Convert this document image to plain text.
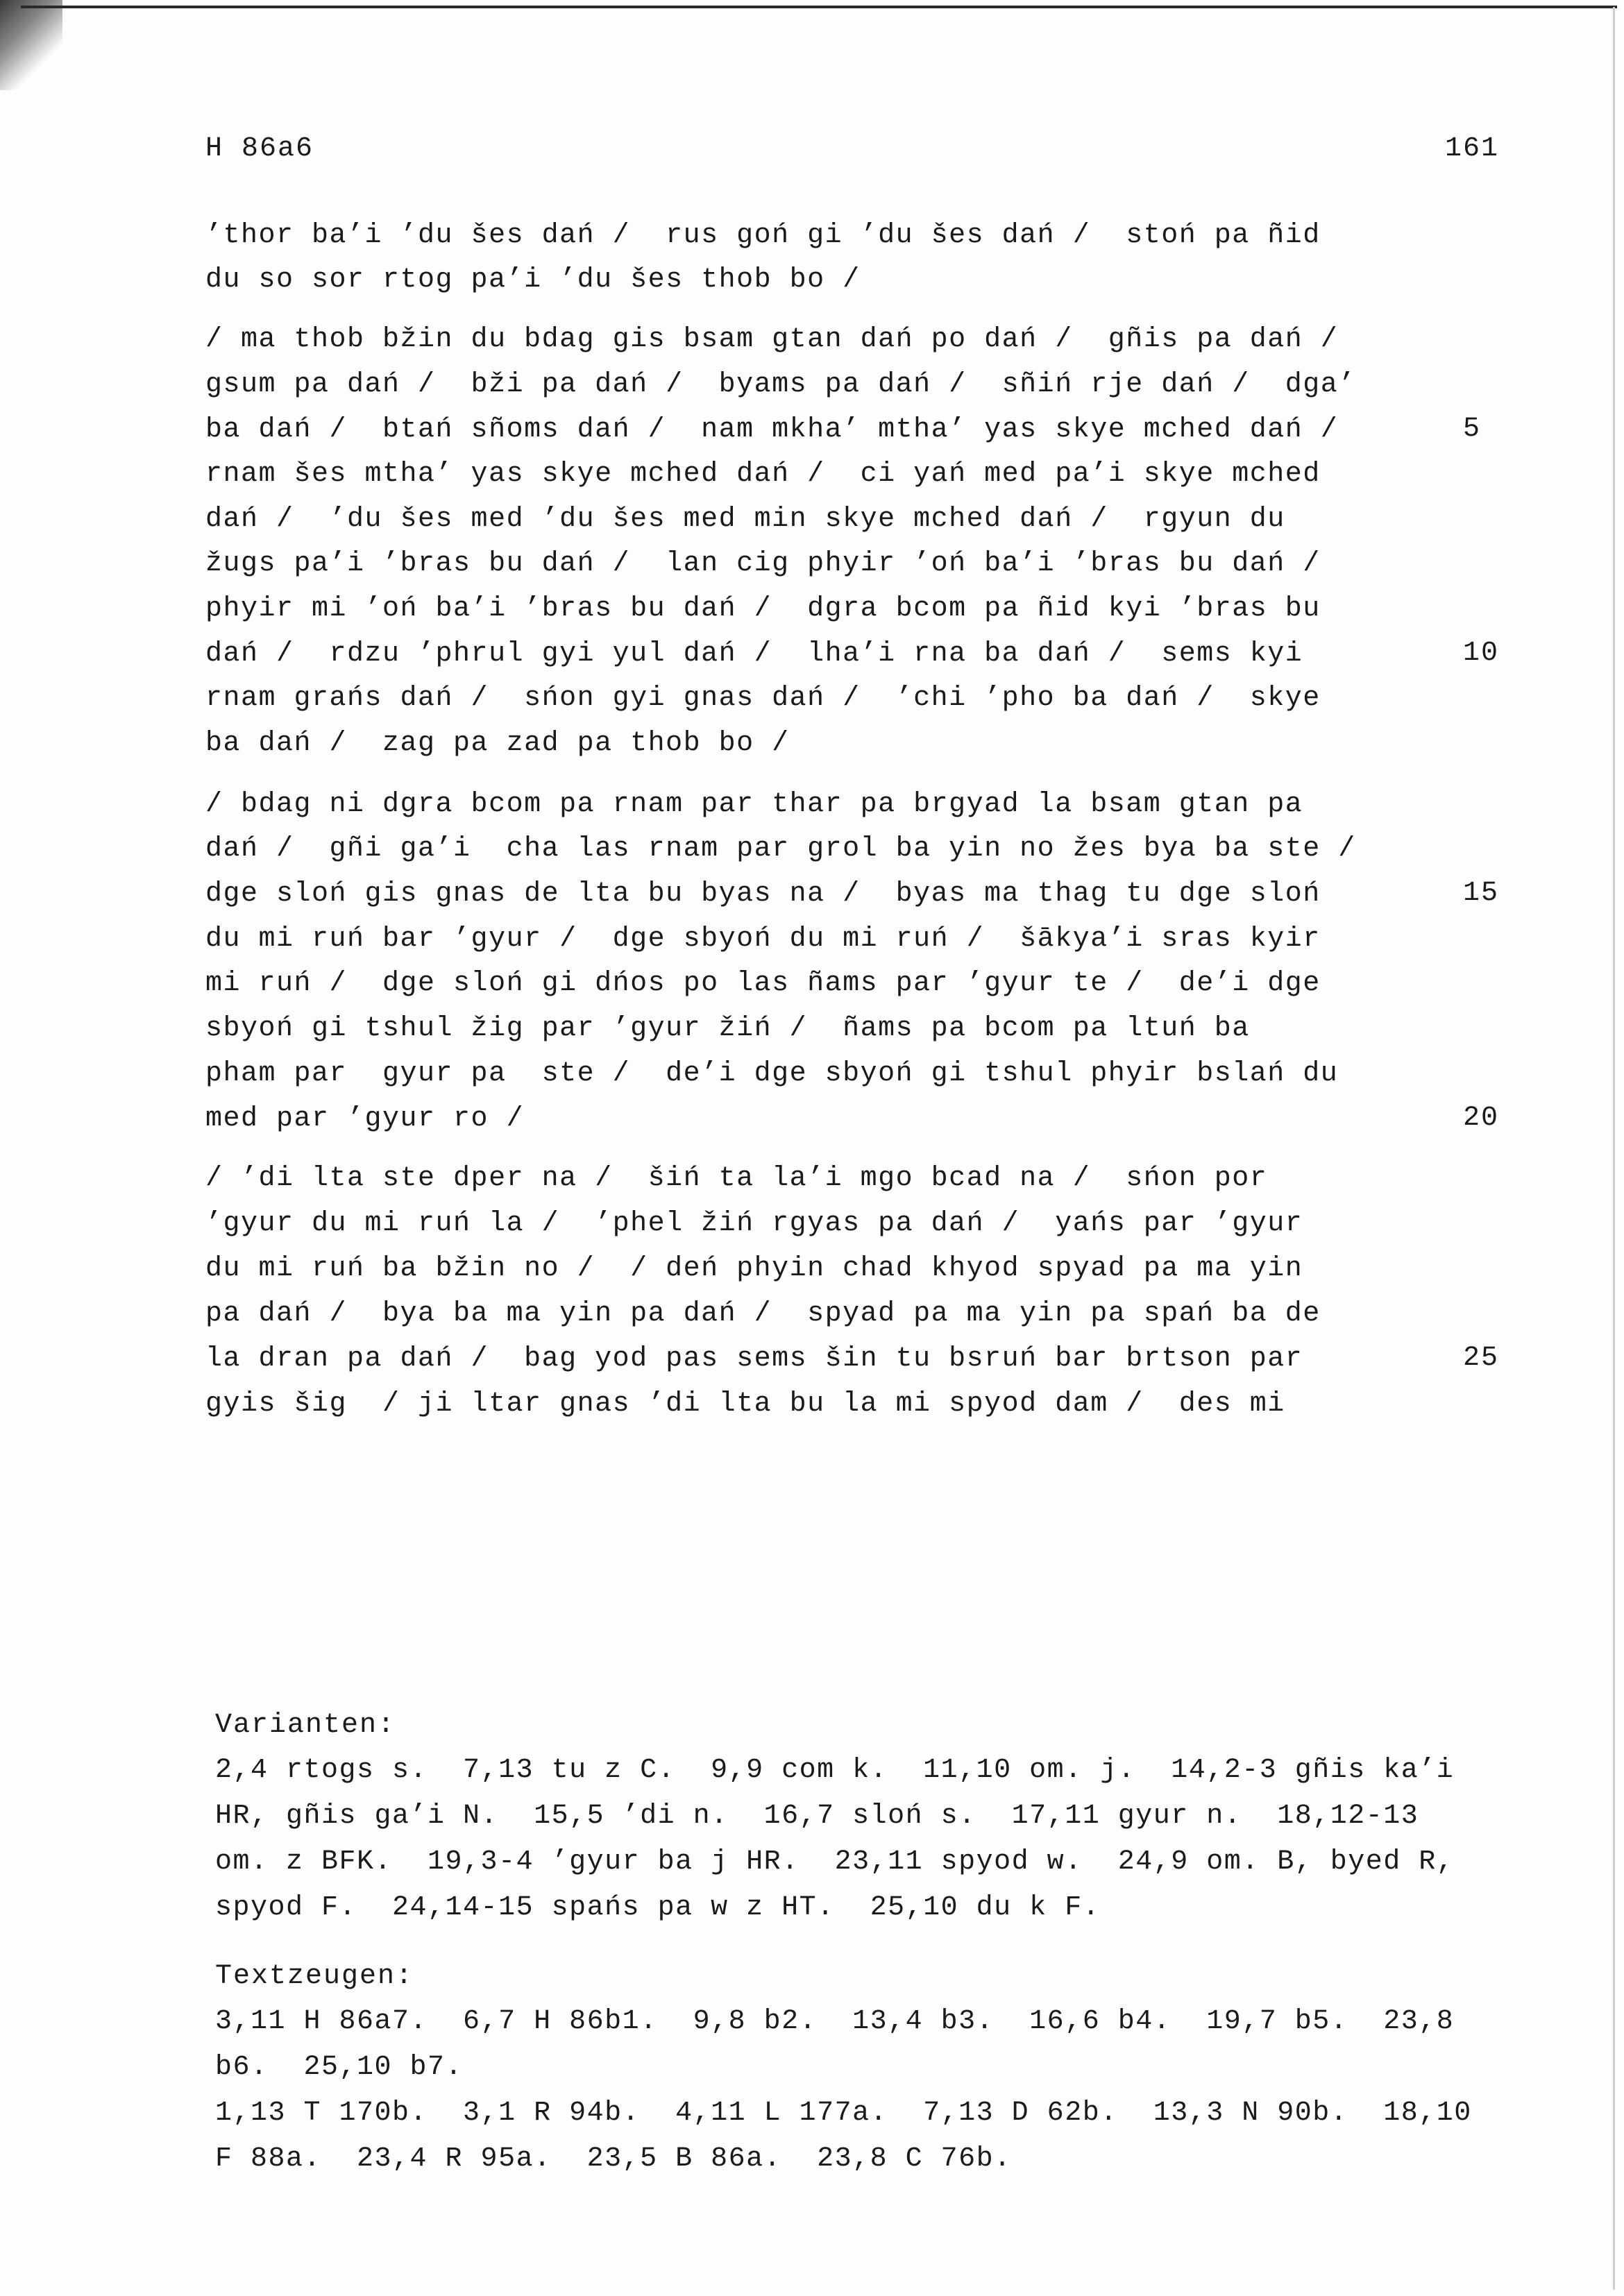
H 86a6	161
’thor ba’i ’du šes dań /  rus goń gi ’du šes dań /  stoń pa ñid
du so sor rtog pa’i ’du šes thob bo /
/ ma thob bžin du bdag gis bsam gtan dań po dań /  gñis pa dań /
gsum pa dań /  bži pa dań /  byams pa dań /  sñiń rje dań /  dga’
ba dań /  btań sñoms dań /  nam mkha’ mtha’ yas skye mched dań /
rnam šes mtha’ yas skye mched dań /  ci yań med pa’i skye mched
dań /  ’du šes med ’du šes med min skye mched dań /  rgyun du
žugs pa’i ’bras bu dań /  lan cig phyir ’oń ba’i ’bras bu dań /
phyir mi ’oń ba’i ’bras bu dań /  dgra bcom pa ñid kyi ’bras bu
dań /  rdzu ’phrul gyi yul dań /  lha’i rna ba dań /  sems kyi
rnam grańs dań /  sńon gyi gnas dań /  ’chi ’pho ba dań /  skye
ba dań /  zag pa zad pa thob bo /
/ bdag ni dgra bcom pa rnam par thar pa brgyad la bsam gtan pa
dań /  gñi ga’i  cha las rnam par grol ba yin no žes bya ba ste /
dge sloń gis gnas de lta bu byas na /  byas ma thag tu dge sloń
du mi ruń bar ’gyur /  dge sbyoń du mi ruń /  šākya’i sras kyir
mi ruń /  dge sloń gi dńos po las ñams par ’gyur te /  de’i dge
sbyoń gi tshul žig par ’gyur žiń /  ñams pa bcom pa ltuń ba
pham par  gyur pa  ste /  de’i dge sbyoń gi tshul phyir bslań du
med par ’gyur ro /
/ ’di lta ste dper na /  šiń ta la’i mgo bcad na /  sńon por
’gyur du mi ruń la /  ’phel žiń rgyas pa dań /  yańs par ’gyur
du mi ruń ba bžin no /  / deń phyin chad khyod spyad pa ma yin
pa dań /  bya ba ma yin pa dań /  spyad pa ma yin pa spań ba de
la dran pa dań /  bag yod pas sems šin tu bsruń bar brtson par
gyis šig  / ji ltar gnas ’di lta bu la mi spyod dam /  des mi
5
10
15
20
25
Varianten:
2,4 rtogs s.  7,13 tu z C.  9,9 com k.  11,10 om. j.  14,2-3 gñis ka’i
HR, gñis ga’i N.  15,5 ’di n.  16,7 sloń s.  17,11 gyur n.  18,12-13
om. z BFK.  19,3-4 ’gyur ba j HR.  23,11 spyod w.  24,9 om. B, byed R,
spyod F.  24,14-15 spańs pa w z HT.  25,10 du k F.
Textzeugen:
3,11 H 86a7.  6,7 H 86b1.  9,8 b2.  13,4 b3.  16,6 b4.  19,7 b5.  23,8
b6.  25,10 b7.
1,13 T 170b.  3,1 R 94b.  4,11 L 177a.  7,13 D 62b.  13,3 N 90b.  18,10
F 88a.  23,4 R 95a.  23,5 B 86a.  23,8 C 76b.
